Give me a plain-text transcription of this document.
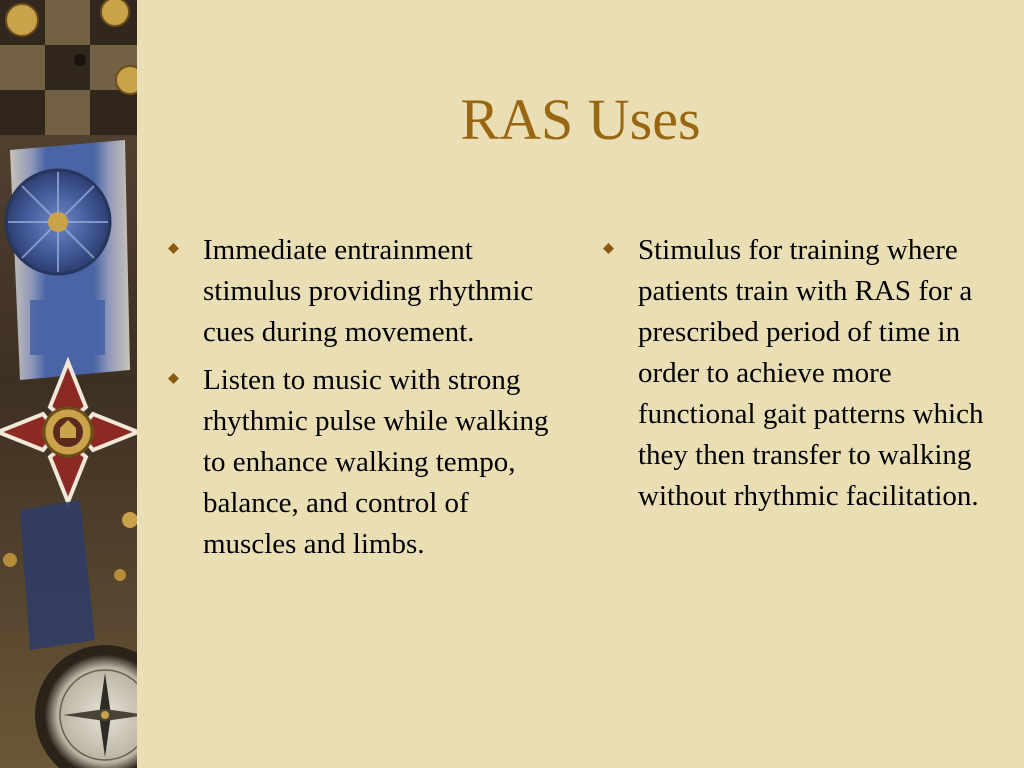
RAS Uses
Immediate entrainment stimulus providing rhythmic cues during movement.
Listen to music with strong rhythmic pulse while walking to enhance walking tempo, balance, and control of muscles and limbs.
Stimulus for training where patients train with RAS for a prescribed period of time in order to achieve more functional gait patterns which they then transfer to walking without rhythmic facilitation.
